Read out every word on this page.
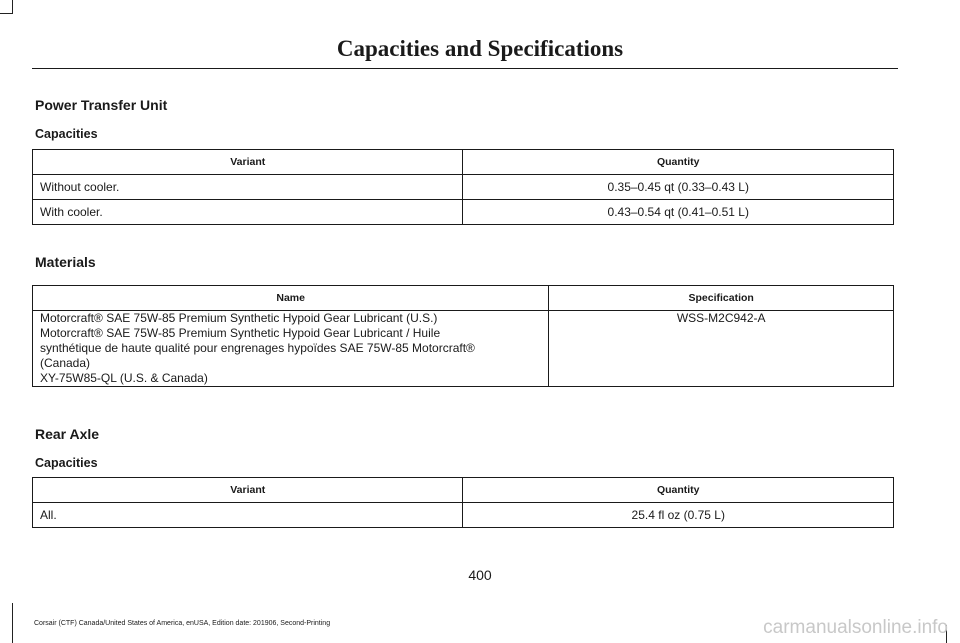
Capacities and Specifications
Power Transfer Unit
Capacities
Variant	Quantity
Without cooler.	0.35–0.45 qt (0.33–0.43 L)
With cooler.	0.43–0.54 qt (0.41–0.51 L)
Materials
Name	Specification

Motorcraft® SAE 75W-85 Premium Synthetic Hypoid Gear Lubricant (U.S.)
Motorcraft® SAE 75W-85 Premium Synthetic Hypoid Gear Lubricant / Huile
synthétique de haute qualité pour engrenages hypoïdes SAE 75W-85 Motorcraft®
(Canada)
XY-75W85-QL (U.S. & Canada)	WSS-M2C942-A
Rear Axle
Capacities
Variant	Quantity
All.	25.4 fl oz (0.75 L)
400
Corsair (CTF) Canada/United States of America, enUSA, Edition date: 201906, Second-Printing	carmanualsonline.info
